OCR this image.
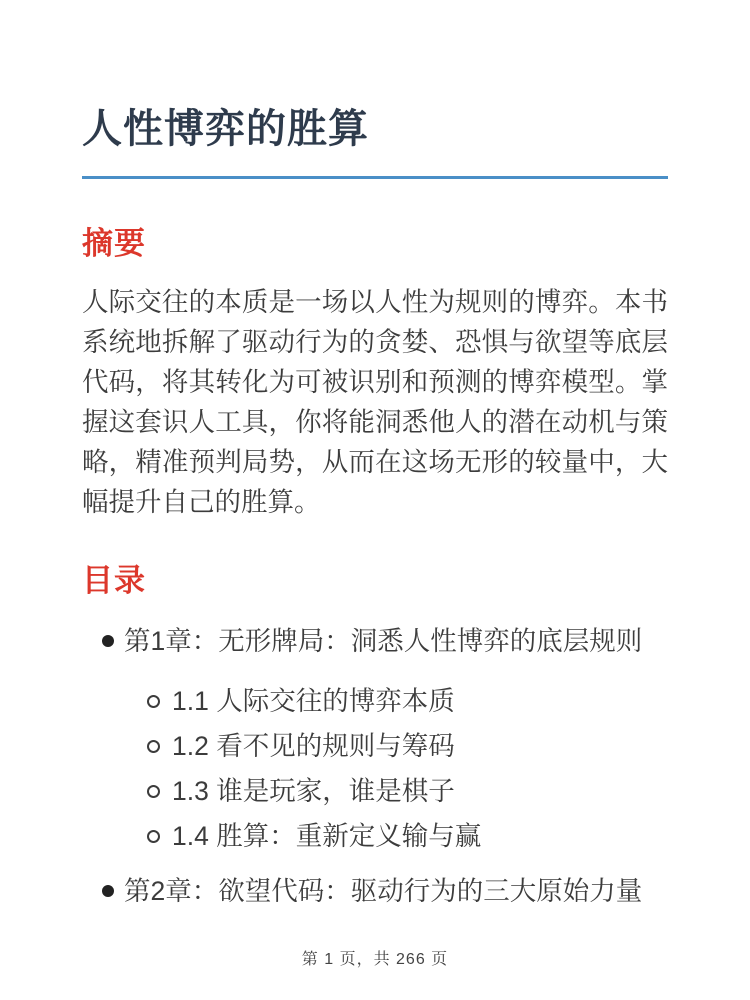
人性博弈的胜算
摘要

人际交往的本质是一场以人性为规则的博弈。本书系统地拆解了驱动行为的贪婪、恐惧与欲望等底层代码，将其转化为可被识别和预测的博弈模型。掌握这套识人工具，你将能洞悉他人的潜在动机与策略，精准预判局势，从而在这场无形的较量中，大幅提升自己的胜算。

目录
第1章：无形牌局：洞悉人性博弈的底层规则
1.1 人际交往的博弈本质
1.2 看不见的规则与筹码
1.3 谁是玩家，谁是棋子
1.4 胜算：重新定义输与赢
第2章：欲望代码：驱动行为的三大原始力量
第 1 页，共 266 页
